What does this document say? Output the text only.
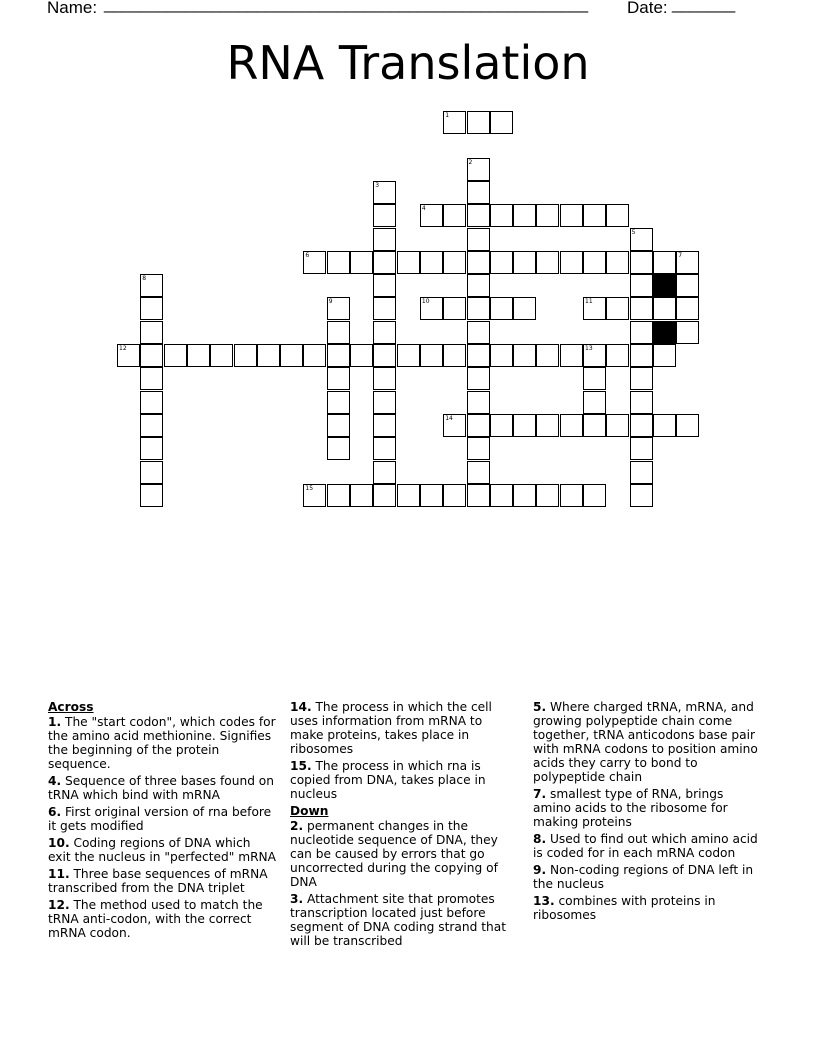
Name: ______________________________________________________ Date: _______
RNA Translation
1
2
3
4
5
6	7
8
9	10	11
12	13
14
15
Across
1. The "start codon", which codes for the amino acid methionine. Signifies the beginning of the protein sequence.
4. Sequence of three bases found on tRNA which bind with mRNA
6. First original version of rna before it gets modified
10. Coding regions of DNA which exit the nucleus in "perfected" mRNA
11. Three base sequences of mRNA transcribed from the DNA triplet
12. The method used to match the tRNA anti-codon, with the correct mRNA codon.
14. The process in which the cell uses information from mRNA to make proteins, takes place in ribosomes
15. The process in which rna is copied from DNA, takes place in nucleus
Down
2. permanent changes in the nucleotide sequence of DNA, they can be caused by errors that go uncorrected during the copying of DNA
3. Attachment site that promotes transcription located just before segment of DNA coding strand that will be transcribed
5. Where charged tRNA, mRNA, and growing polypeptide chain come together, tRNA anticodons base pair with mRNA codons to position amino acids they carry to bond to polypeptide chain
7. smallest type of RNA, brings amino acids to the ribosome for making proteins
8. Used to find out which amino acid is coded for in each mRNA codon
9. Non-coding regions of DNA left in the nucleus
13. combines with proteins in ribosomes
